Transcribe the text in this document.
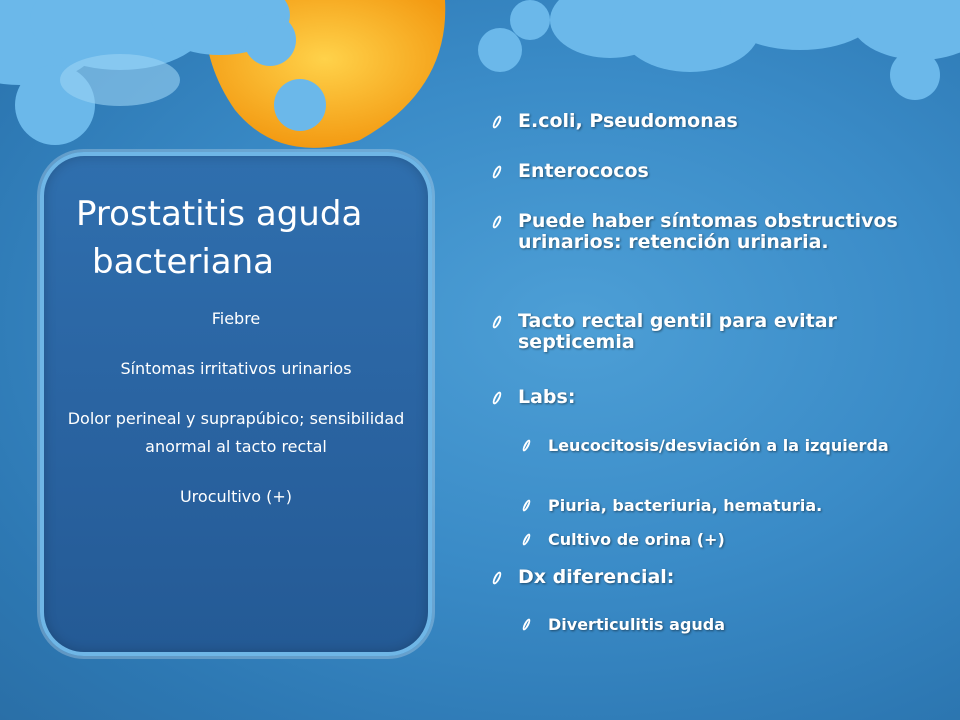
Prostatitis aguda
bacteriana

Fiebre

Síntomas irritativos urinarios

Dolor perineal y suprapúbico; sensibilidad anormal al tacto rectal

Urocultivo (+)

E.coli, Pseudomonas
Enterococos
Puede haber síntomas obstructivos urinarios: retención urinaria.
Tacto rectal gentil para evitar septicemia
Labs:
Leucocitosis/desviación a la izquierda
Piuria, bacteriuria, hematuria.
Cultivo de orina (+)
Dx diferencial:
Diverticulitis aguda
